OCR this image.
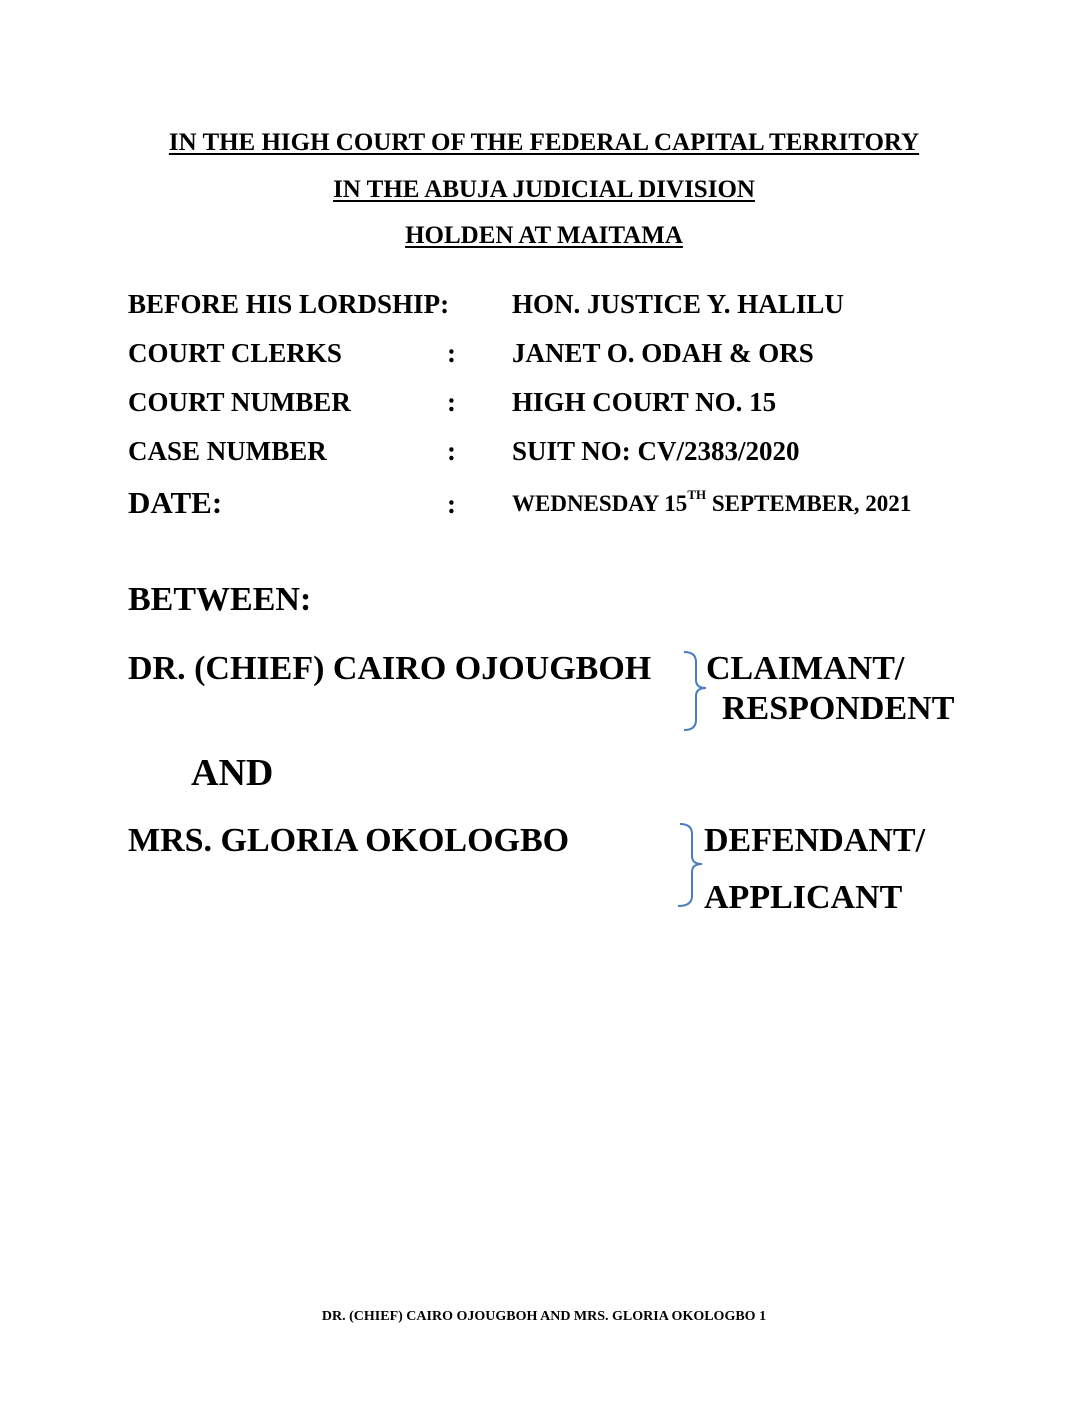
IN THE HIGH COURT OF THE FEDERAL CAPITAL TERRITORY
IN THE ABUJA JUDICIAL DIVISION
HOLDEN AT MAITAMA
BEFORE HIS LORDSHIP: HON. JUSTICE Y. HALILU
COURT CLERKS	: JANET O. ODAH & ORS
COURT NUMBER	: HIGH COURT NO. 15
CASE NUMBER	: SUIT NO: CV/2383/2020
DATE:	: WEDNESDAY 15TH SEPTEMBER, 2021
BETWEEN:
DR. (CHIEF) CAIRO OJOUGBOH CLAIMANT/
RESPONDENT
AND
MRS. GLORIA OKOLOGBO	DEFENDANT/
APPLICANT
DR. (CHIEF) CAIRO OJOUGBOH AND MRS. GLORIA OKOLOGBO 1
